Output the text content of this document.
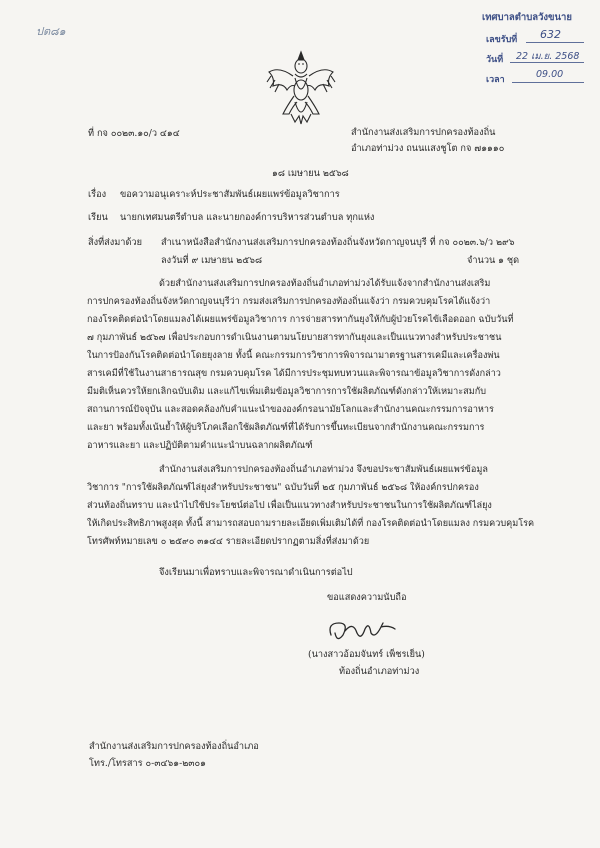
ปต๘๑
เทศบาลตำบลวังขนาย
เลขรับที่ 632
วันที่ 22 เม.ย. 2568
เวลา	09.00
ที่ กจ ๐๐๒๓.๑๐/ว ๔๑๔	สำนักงานส่งเสริมการปกครองท้องถิ่น
อำเภอท่าม่วง ถนนแสงชูโต กจ ๗๑๑๑๐
๑๘ เมษายน ๒๕๖๘
เรื่อง ขอความอนุเคราะห์ประชาสัมพันธ์เผยแพร่ข้อมูลวิชาการ
เรียน นายกเทศมนตรีตำบล และนายกองค์การบริหารส่วนตำบล ทุกแห่ง
สิ่งที่ส่งมาด้วย สำเนาหนังสือสำนักงานส่งเสริมการปกครองท้องถิ่นจังหวัดกาญจนบุรี ที่ กจ ๐๐๒๓.๖/ว ๒๙๖
ลงวันที่ ๙ เมษายน ๒๕๖๘	จำนวน ๑ ชุด
ด้วยสำนักงานส่งเสริมการปกครองท้องถิ่นอำเภอท่าม่วงได้รับแจ้งจากสำนักงานส่งเสริม
การปกครองท้องถิ่นจังหวัดกาญจนบุรีว่า กรมส่งเสริมการปกครองท้องถิ่นแจ้งว่า กรมควบคุมโรคได้แจ้งว่า
กองโรคติดต่อนำโดยแมลงได้เผยแพร่ข้อมูลวิชาการ การจ่ายสารทากันยุงให้กับผู้ป่วยโรคไข้เลือดออก ฉบับวันที่
๗ กุมภาพันธ์ ๒๕๖๗ เพื่อประกอบการดำเนินงานตามนโยบายสารทากันยุงและเป็นแนวทางสำหรับประชาชน
ในการป้องกันโรคติดต่อนำโดยยุงลาย ทั้งนี้ คณะกรรมการวิชาการพิจารณามาตรฐานสารเคมีและเครื่องพ่น
สารเคมีที่ใช้ในงานสาธารณสุข กรมควบคุมโรค ได้มีการประชุมทบทวนและพิจารณาข้อมูลวิชาการดังกล่าว
มีมติเห็นควรให้ยกเลิกฉบับเดิม และแก้ไขเพิ่มเติมข้อมูลวิชาการการใช้ผลิตภัณฑ์ดังกล่าวให้เหมาะสมกับ
สถานการณ์ปัจจุบัน และสอดคล้องกับคำแนะนำขององค์กรอนามัยโลกและสำนักงานคณะกรรมการอาหาร
และยา พร้อมทั้งเน้นย้ำให้ผู้บริโภคเลือกใช้ผลิตภัณฑ์ที่ได้รับการขึ้นทะเบียนจากสำนักงานคณะกรรมการ
อาหารและยา และปฏิบัติตามคำแนะนำบนฉลากผลิตภัณฑ์
สำนักงานส่งเสริมการปกครองท้องถิ่นอำเภอท่าม่วง จึงขอประชาสัมพันธ์เผยแพร่ข้อมูล
วิชาการ "การใช้ผลิตภัณฑ์ไล่ยุงสำหรับประชาชน" ฉบับวันที่ ๒๕ กุมภาพันธ์ ๒๕๖๘ ให้องค์กรปกครอง
ส่วนท้องถิ่นทราบ และนำไปใช้ประโยชน์ต่อไป เพื่อเป็นแนวทางสำหรับประชาชนในการใช้ผลิตภัณฑ์ไล่ยุง
ให้เกิดประสิทธิภาพสูงสุด ทั้งนี้ สามารถสอบถามรายละเอียดเพิ่มเติมได้ที่ กองโรคติดต่อนำโดยแมลง กรมควบคุมโรค
โทรศัพท์หมายเลข ๐ ๒๕๙๐ ๓๑๔๔ รายละเอียดปรากฏตามสิ่งที่ส่งมาด้วย
จึงเรียนมาเพื่อทราบและพิจารณาดำเนินการต่อไป
ขอแสดงความนับถือ
(นางสาวอ้อมจันทร์ เพ็ชรเย็น)
ท้องถิ่นอำเภอท่าม่วง
สำนักงานส่งเสริมการปกครองท้องถิ่นอำเภอ
โทร./โทรสาร ๐-๓๔๖๑-๒๓๐๑
